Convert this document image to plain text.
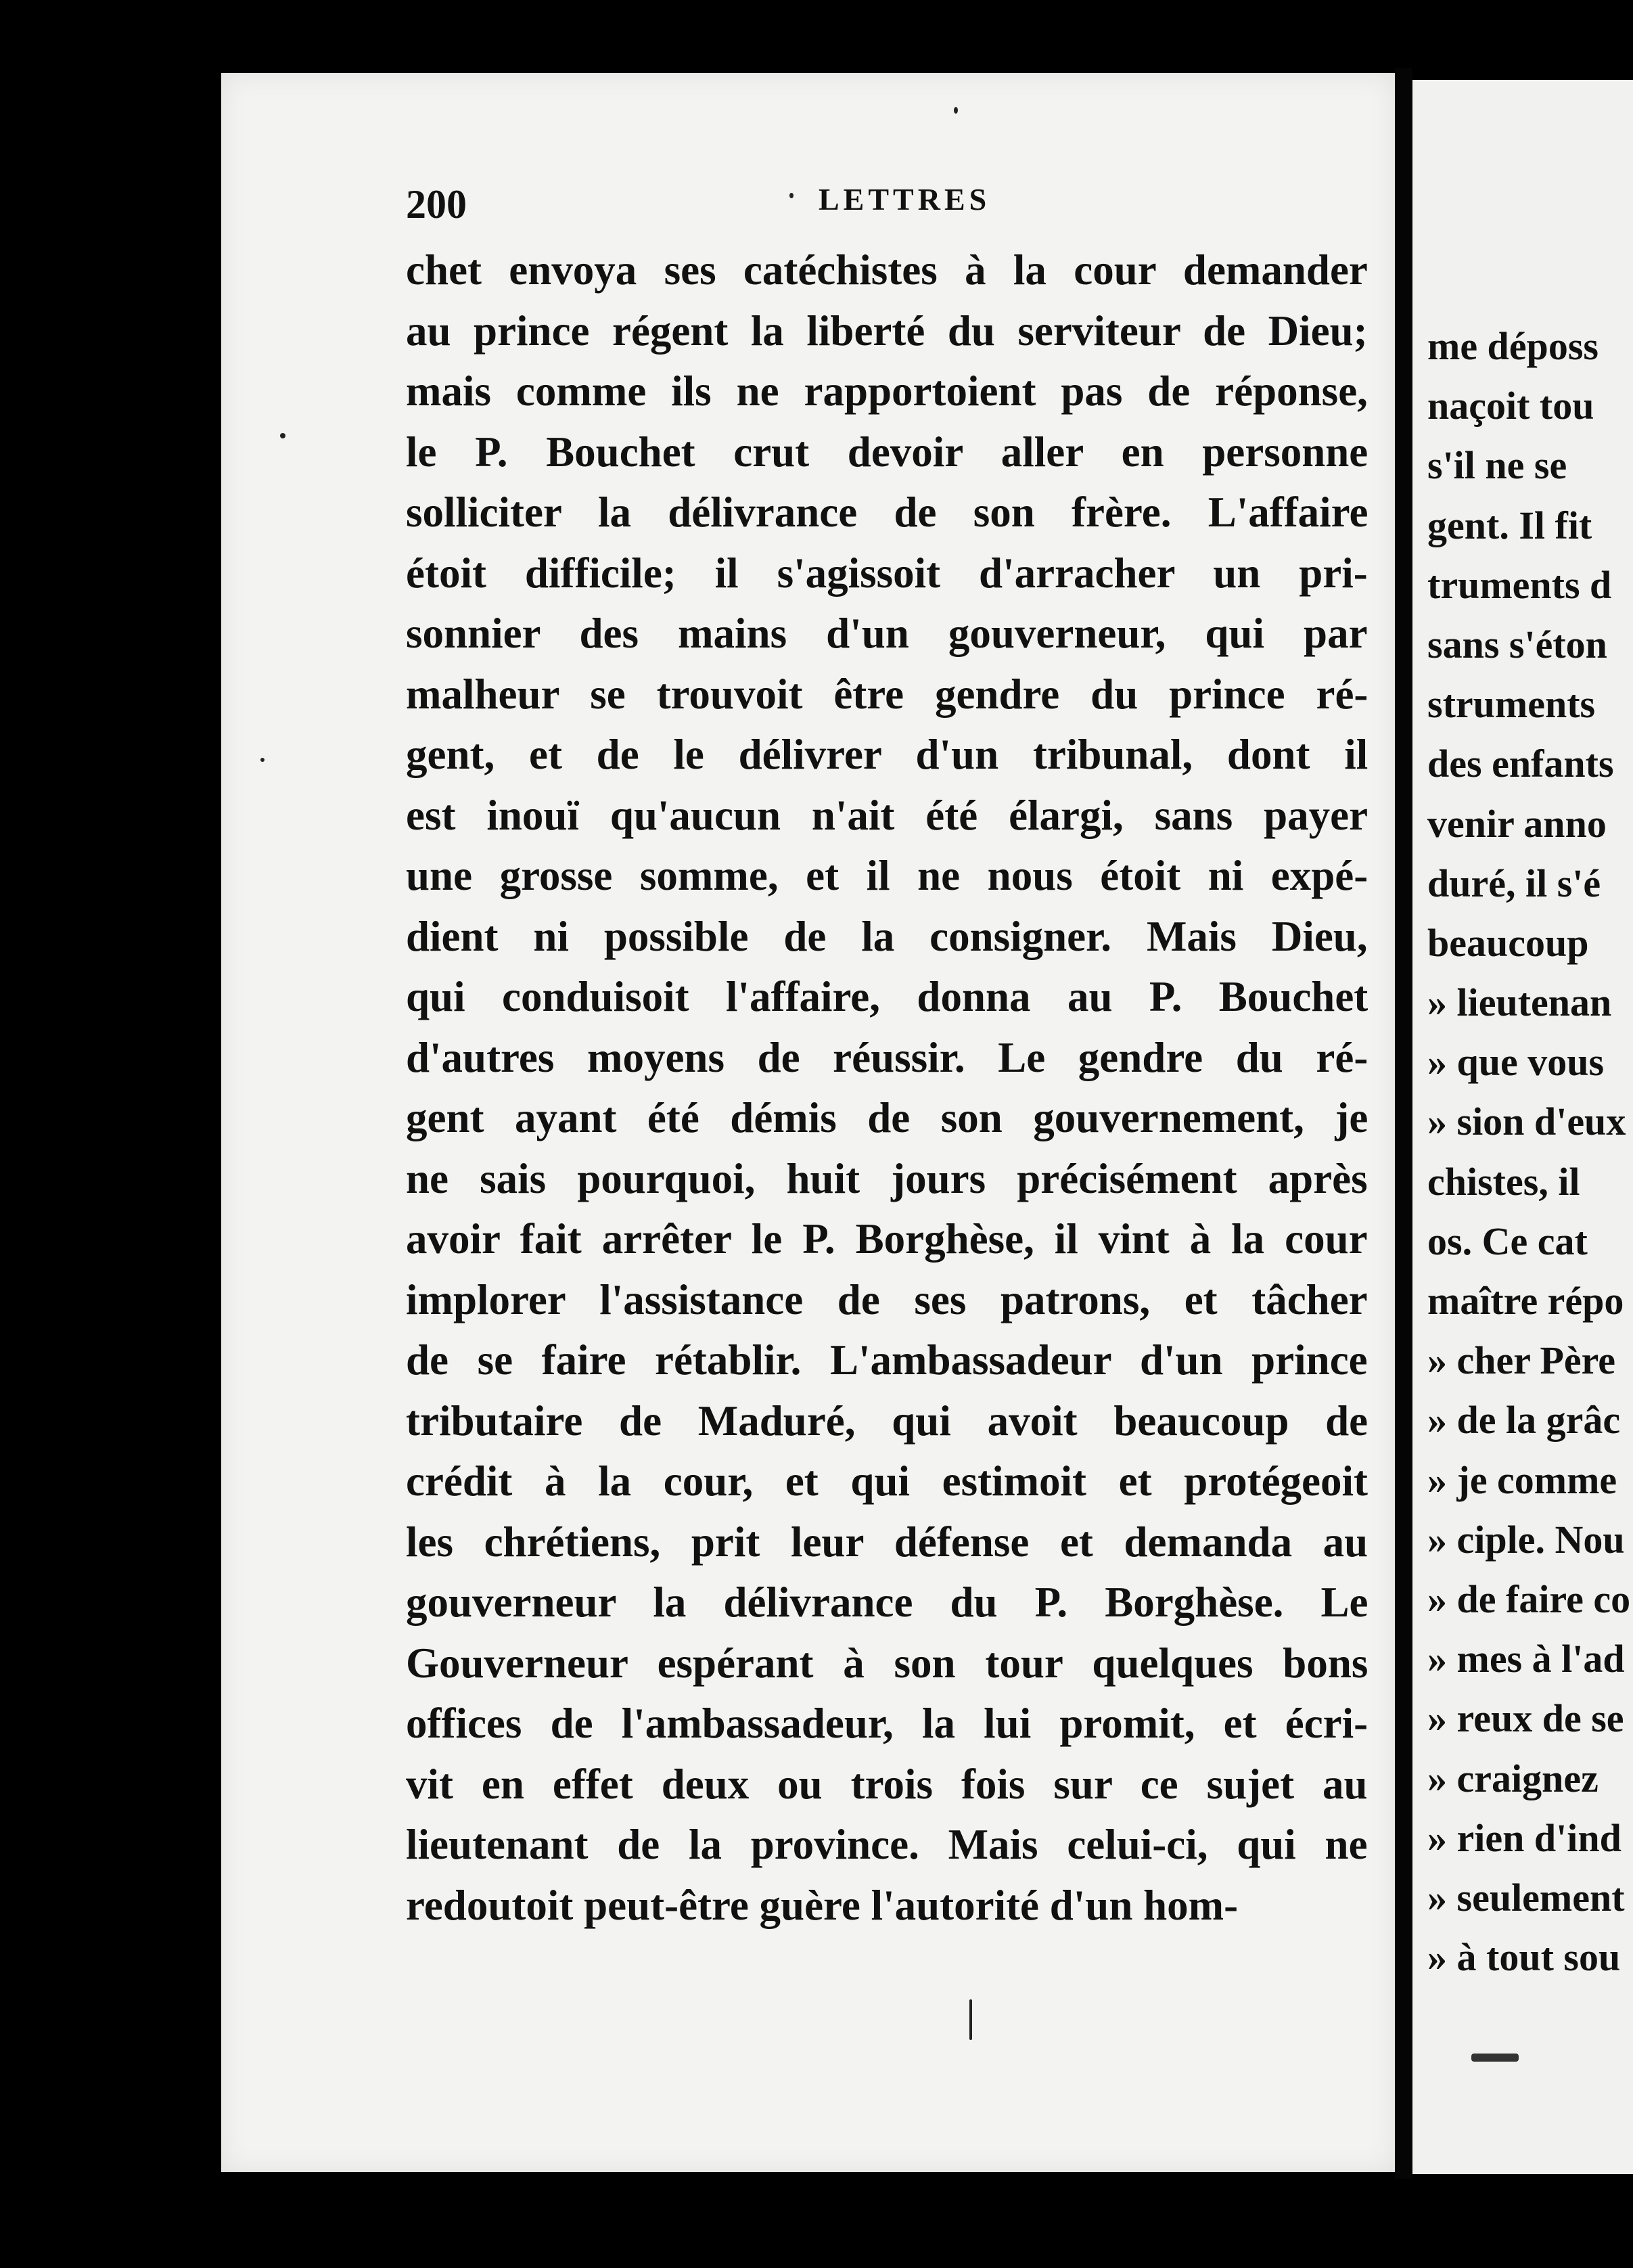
200	LETTRES
chet envoya ses catéchistes à la cour demander
au prince régent la liberté du serviteur de Dieu;
mais comme ils ne rapportoient pas de réponse,
le P. Bouchet crut devoir aller en personne
solliciter la délivrance de son frère. L'affaire
étoit difficile; il s'agissoit d'arracher un pri-
sonnier des mains d'un gouverneur, qui par
malheur se trouvoit être gendre du prince ré-
gent, et de le délivrer d'un tribunal, dont il
est inouï qu'aucun n'ait été élargi, sans payer
une grosse somme, et il ne nous étoit ni expé-
dient ni possible de la consigner. Mais Dieu,
qui conduisoit l'affaire, donna au P. Bouchet
d'autres moyens de réussir. Le gendre du ré-
gent ayant été démis de son gouvernement, je
ne sais pourquoi, huit jours précisément après
avoir fait arrêter le P. Borghèse, il vint à la cour
implorer l'assistance de ses patrons, et tâcher
de se faire rétablir. L'ambassadeur d'un prince
tributaire de Maduré, qui avoit beaucoup de
crédit à la cour, et qui estimoit et protégeoit
les chrétiens, prit leur défense et demanda au
gouverneur la délivrance du P. Borghèse. Le
Gouverneur espérant à son tour quelques bons
offices de l'ambassadeur, la lui promit, et écri-
vit en effet deux ou trois fois sur ce sujet au
lieutenant de la province. Mais celui-ci, qui ne
redoutoit peut-être guère l'autorité d'un hom-
me déposs
naçoit tou
s'il ne se
gent. Il fit
truments d
sans s'éton
struments
des enfants
venir anno
duré, il s'é
beaucoup
» lieutenan
» que vous
» sion d'eux
chistes, il
os. Ce cat
maître répo
» cher Père
» de la grâc
» je comme
» ciple. Nou
» de faire co
» mes à l'ad
» reux de se
» craignez
» rien d'ind
» seulement
» à tout sou
